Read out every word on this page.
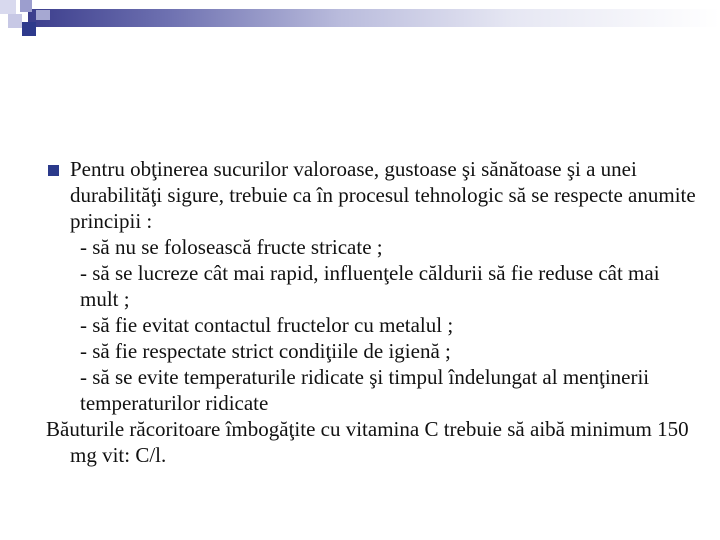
Pentru obţinerea sucurilor valoroase, gustoase şi sănătoase şi a unei durabilităţi sigure, trebuie ca în procesul tehnologic să se respecte anumite principii :
- să nu se folosească fructe stricate ;
- să se lucreze cât mai rapid, influenţele căldurii să fie reduse cât mai mult ;
- să fie evitat contactul fructelor cu metalul ;
- să fie respectate strict condiţiile de igienă ;
- să se evite temperaturile ridicate şi timpul îndelungat al menţinerii temperaturilor ridicate
Băuturile răcoritoare îmbogăţite cu vitamina C trebuie să aibă minimum 150 mg vit: C/l.
